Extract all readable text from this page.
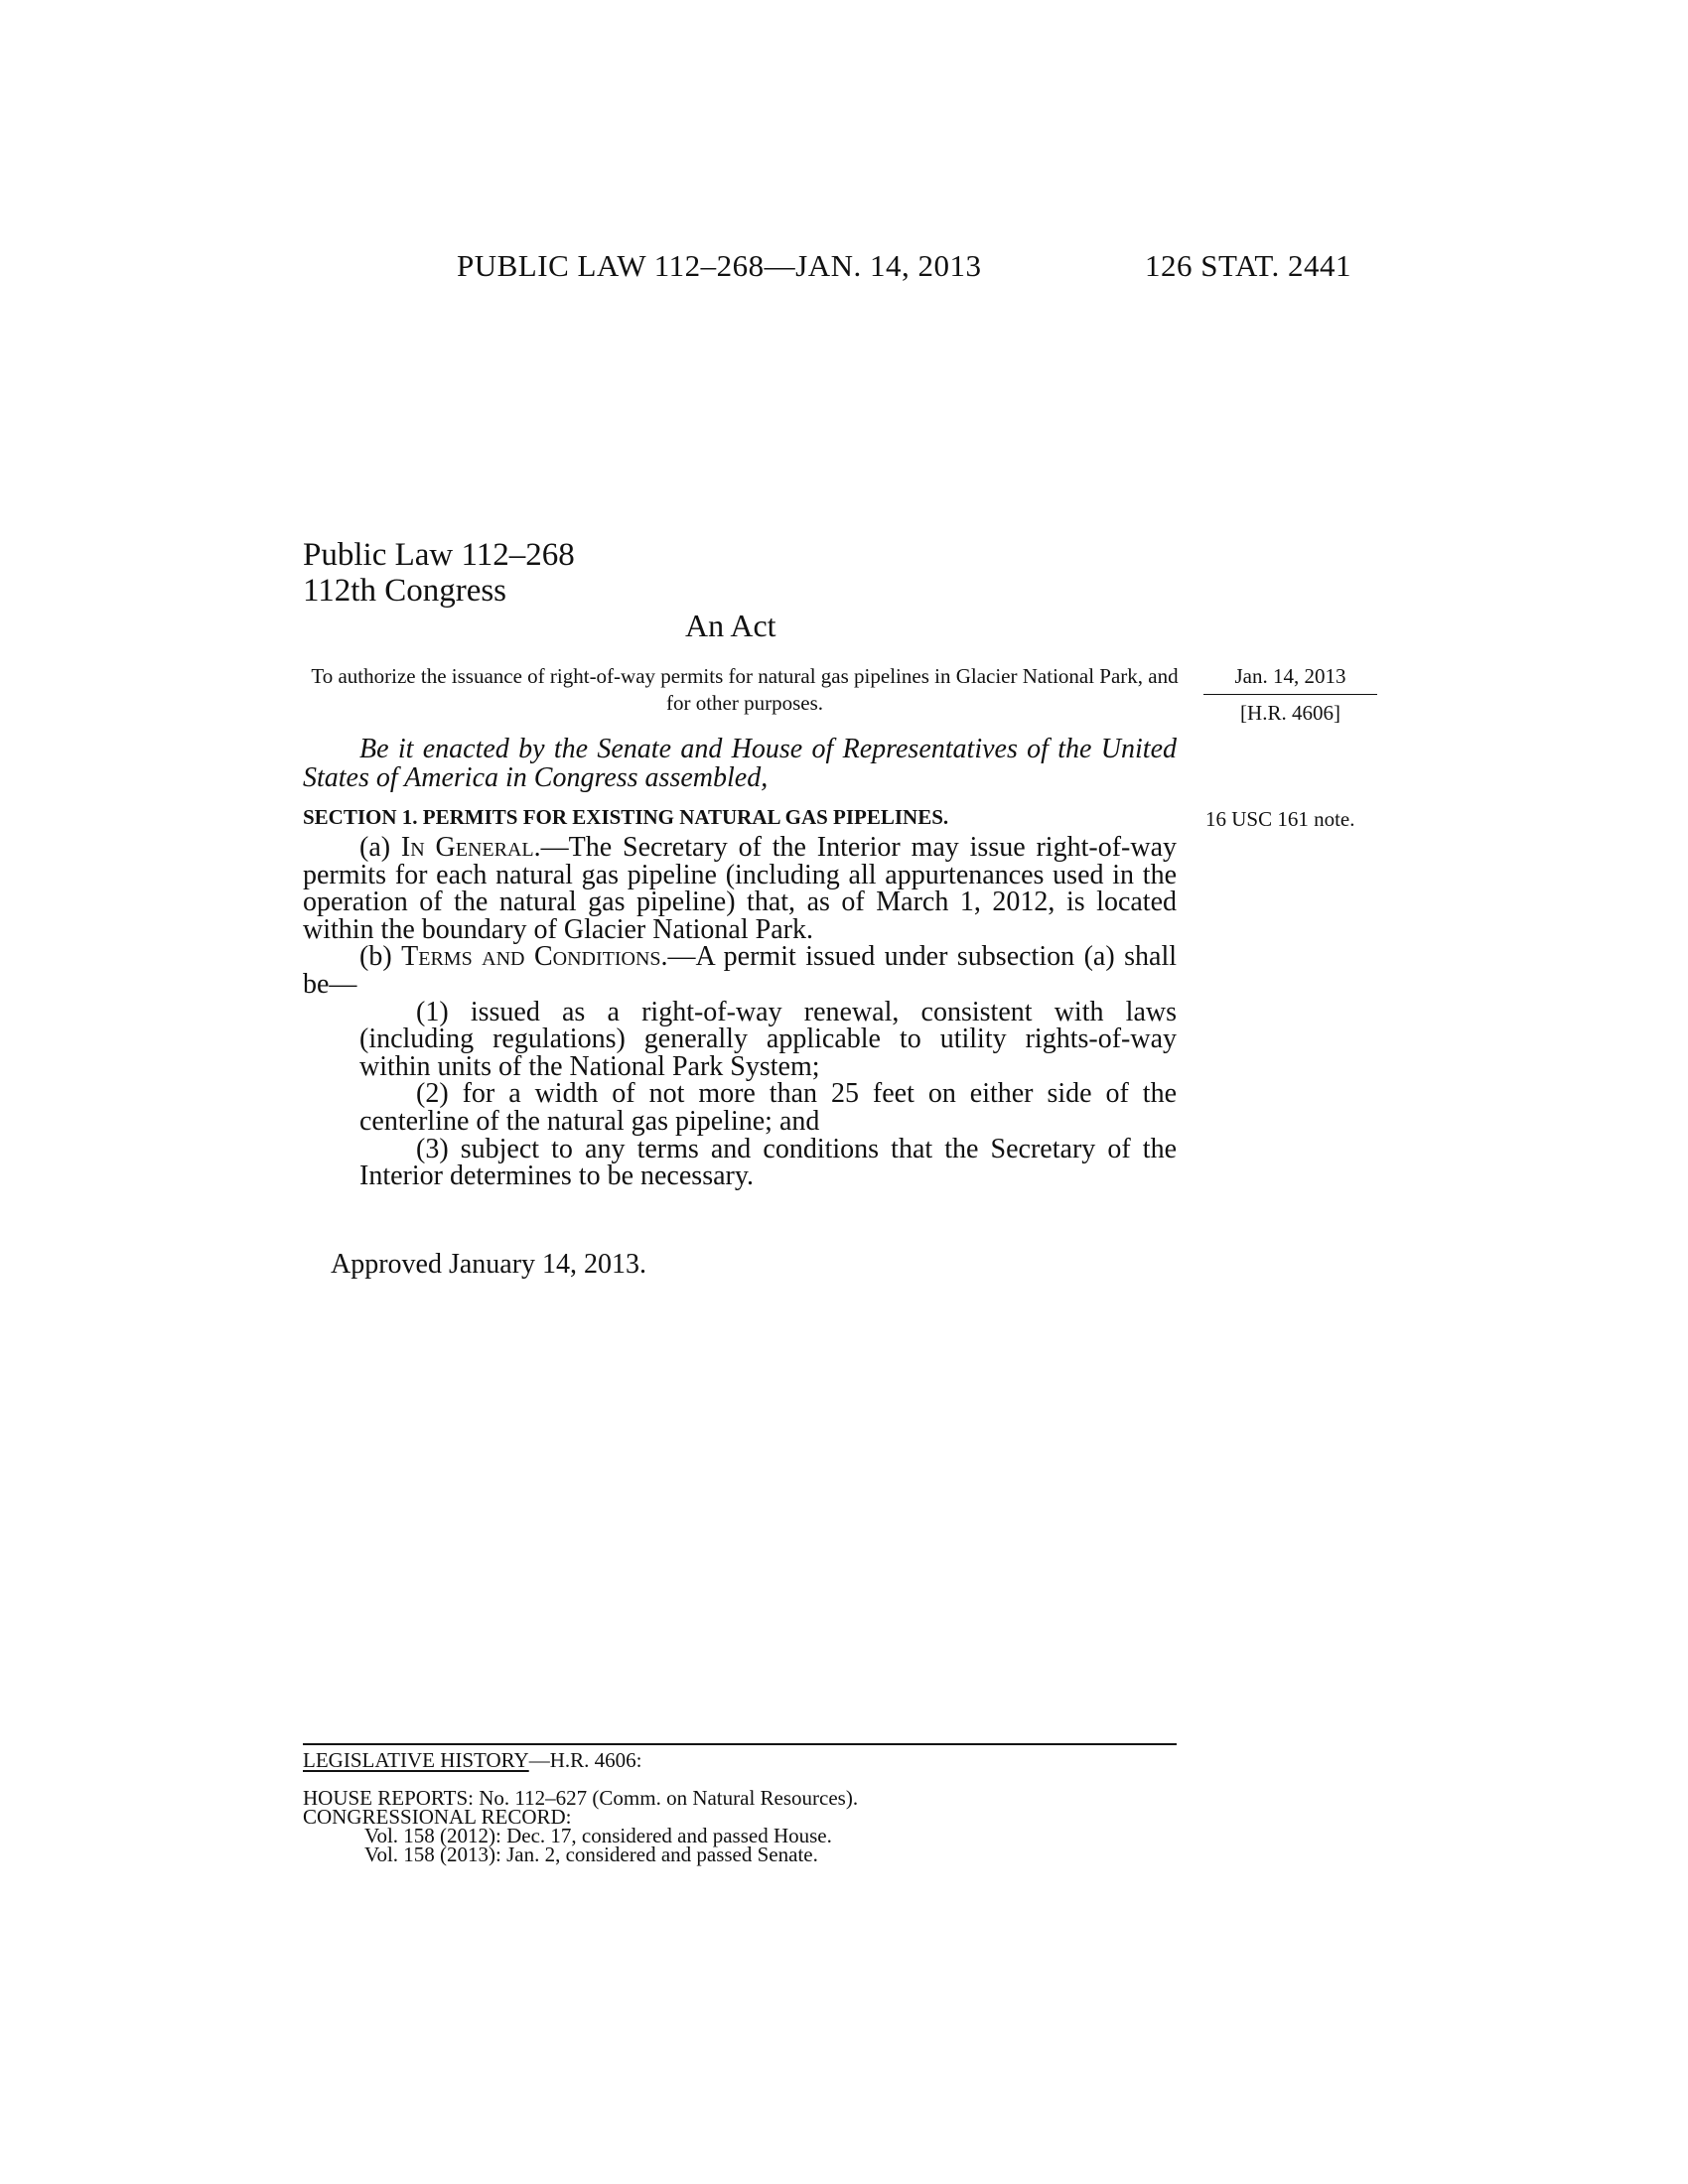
PUBLIC LAW 112–268—JAN. 14, 2013	126 STAT. 2441
Public Law 112–268
112th Congress
An Act
To authorize the issuance of right-of-way permits for natural gas pipelines in Glacier National Park, and for other purposes.
Jan. 14, 2013
[H.R. 4606]
16 USC 161 note.
Be it enacted by the Senate and House of Representatives of the United States of America in Congress assembled,
SECTION 1. PERMITS FOR EXISTING NATURAL GAS PIPELINES.

(a) In General.—The Secretary of the Interior may issue right-of-way permits for each natural gas pipeline (including all appurtenances used in the operation of the natural gas pipeline) that, as of March 1, 2012, is located within the boundary of Glacier National Park.

(b) Terms and Conditions.—A permit issued under subsection (a) shall be—

(1) issued as a right-of-way renewal, consistent with laws (including regulations) generally applicable to utility rights-of-way within units of the National Park System;

(2) for a width of not more than 25 feet on either side of the centerline of the natural gas pipeline; and

(3) subject to any terms and conditions that the Secretary of the Interior determines to be necessary.

Approved January 14, 2013.
LEGISLATIVE HISTORY—H.R. 4606:
HOUSE REPORTS: No. 112–627 (Comm. on Natural Resources).
CONGRESSIONAL RECORD:
Vol. 158 (2012): Dec. 17, considered and passed House.
Vol. 158 (2013): Jan. 2, considered and passed Senate.
